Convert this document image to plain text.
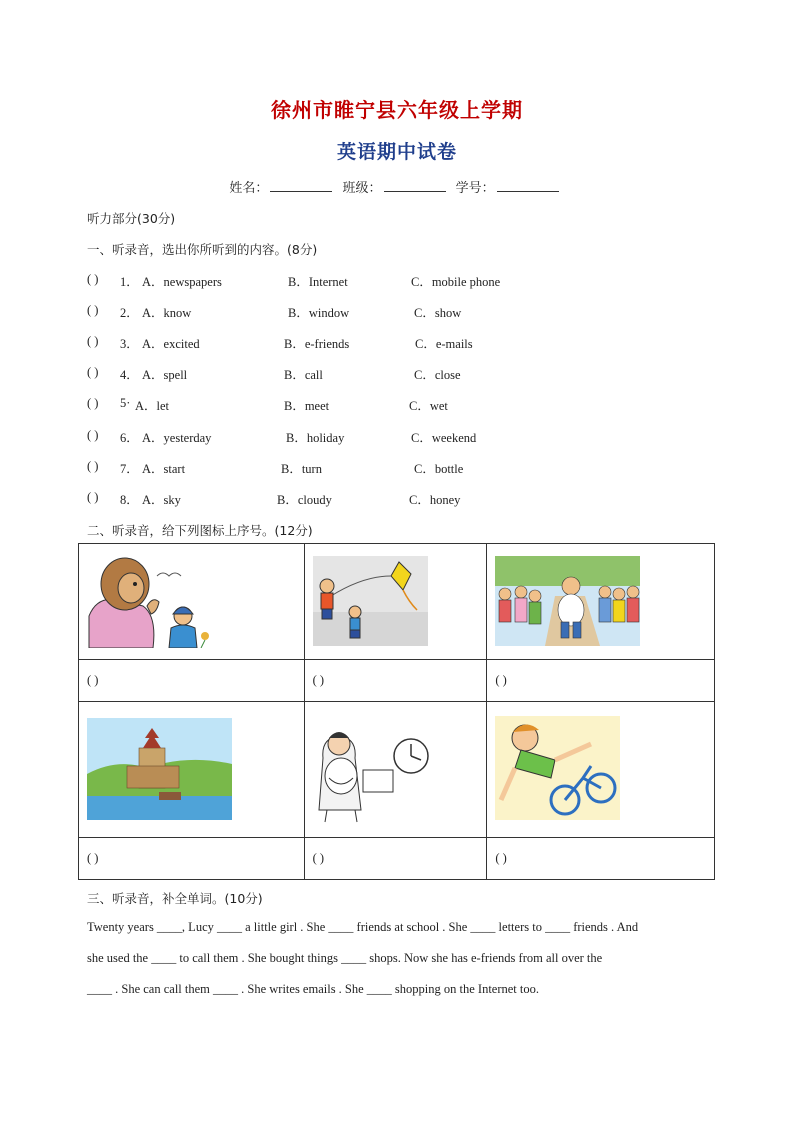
徐州市睢宁县六年级上学期
英语期中试卷
姓名：	班级：	学号：
听力部分(30分)
一、听录音，选出你所听到的内容。(8分)
( ) 1． A．newspapers	B．Internet	C．mobile phone
( ) 2． A．know	B．window	C．show
( ) 3． A．excited	B．e-friends	C．e-mails
( ) 4． A．spell	B．call	C．close
( ) 5· A．let	B．meet	C．wet
( ) 6． A．yesterday	B．holiday	C．weekend
( ) 7． A．start	B．turn	C．bottle
( ) 8． A．sky	B．cloudy	C．honey
二、听录音，给下列图标上序号。(12分)

( )	( )	( )

( )	( )	( )
三、听录音，补全单词。(10分)
Twenty years ____, Lucy ____ a little girl . She ____ friends at school . She ____ letters to ____ friends . And
she used the ____ to call them . She bought things ____ shops. Now she has e-friends from all over the
____ . She can call them ____ . She writes emails . She ____ shopping on the Internet too.
